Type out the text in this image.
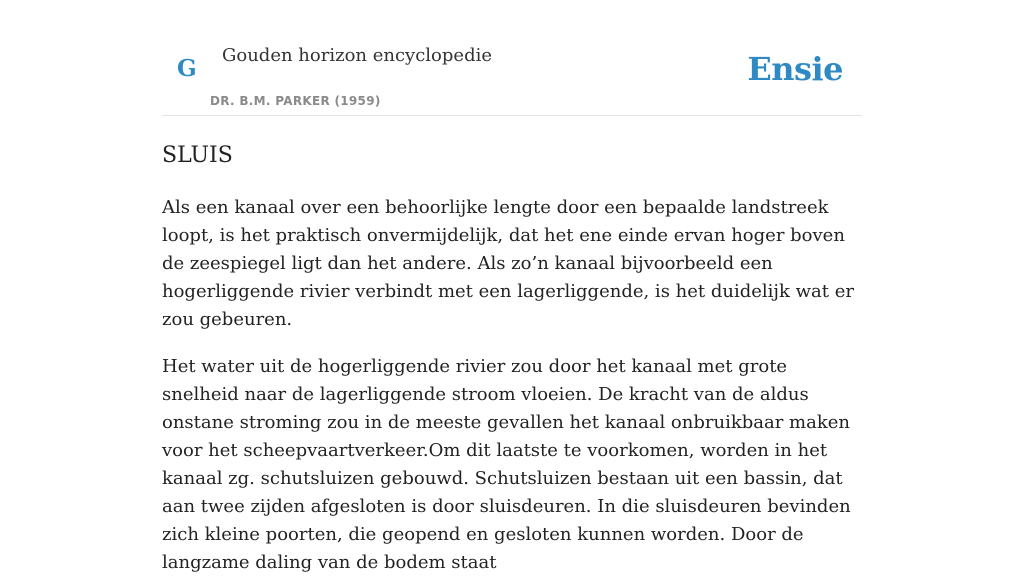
G Gouden horizon encyclopedie
DR. B.M. PARKER (1959)
Ensie
SLUIS

Als een kanaal over een behoorlijke lengte door een bepaalde landstreek loopt, is het praktisch onvermijdelijk, dat het ene einde ervan hoger boven de zeespiegel ligt dan het andere. Als zo’n kanaal bijvoorbeeld een hogerliggende rivier verbindt met een lagerliggende, is het duidelijk wat er zou gebeuren.

Het water uit de hogerliggende rivier zou door het kanaal met grote snelheid naar de lagerliggende stroom vloeien. De kracht van de aldus onstane stroming zou in de meeste gevallen het kanaal onbruikbaar maken voor het scheepvaartverkeer.Om dit laatste te voorkomen, worden in het kanaal zg. schutsluizen gebouwd. Schutsluizen bestaan uit een bassin, dat aan twee zijden afgesloten is door sluisdeuren. In die sluisdeuren bevinden zich kleine poorten, die geopend en gesloten kunnen worden. Door de langzame daling van de bodem staat
